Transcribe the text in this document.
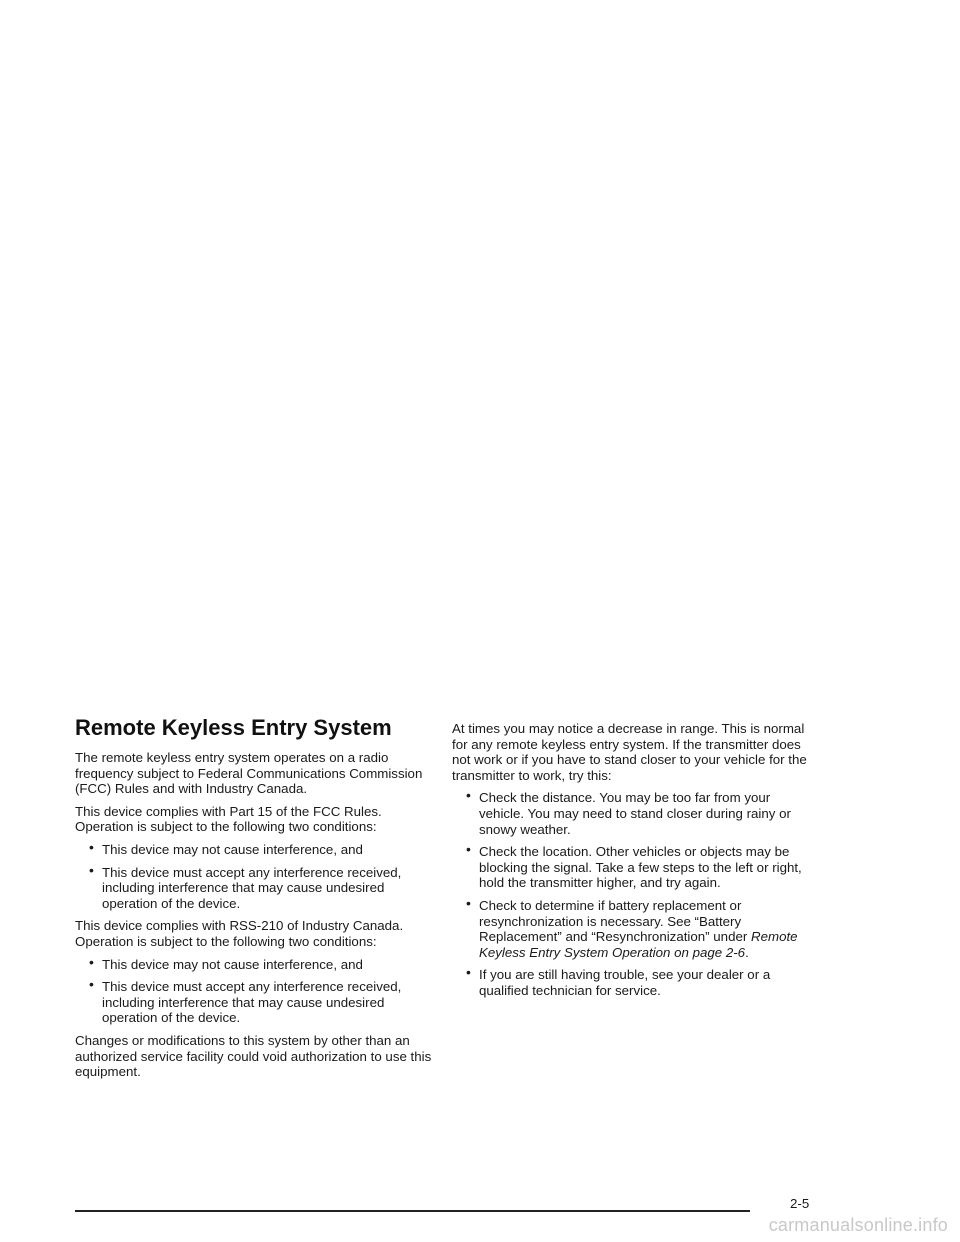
Remote Keyless Entry System

The remote keyless entry system operates on a radio frequency subject to Federal Communications Commission (FCC) Rules and with Industry Canada.

This device complies with Part 15 of the FCC Rules. Operation is subject to the following two conditions:

• This device may not cause interference, and
• This device must accept any interference received, including interference that may cause undesired operation of the device.

This device complies with RSS-210 of Industry Canada. Operation is subject to the following two conditions:

• This device may not cause interference, and
• This device must accept any interference received, including interference that may cause undesired operation of the device.

Changes or modifications to this system by other than an authorized service facility could void authorization to use this equipment.

At times you may notice a decrease in range. This is normal for any remote keyless entry system. If the transmitter does not work or if you have to stand closer to your vehicle for the transmitter to work, try this:

• Check the distance. You may be too far from your vehicle. You may need to stand closer during rainy or snowy weather.
• Check the location. Other vehicles or objects may be blocking the signal. Take a few steps to the left or right, hold the transmitter higher, and try again.
• Check to determine if battery replacement or resynchronization is necessary. See “Battery Replacement” and “Resynchronization” under Remote Keyless Entry System Operation on page 2-6.
• If you are still having trouble, see your dealer or a qualified technician for service.
2-5
carmanualsonline.info
